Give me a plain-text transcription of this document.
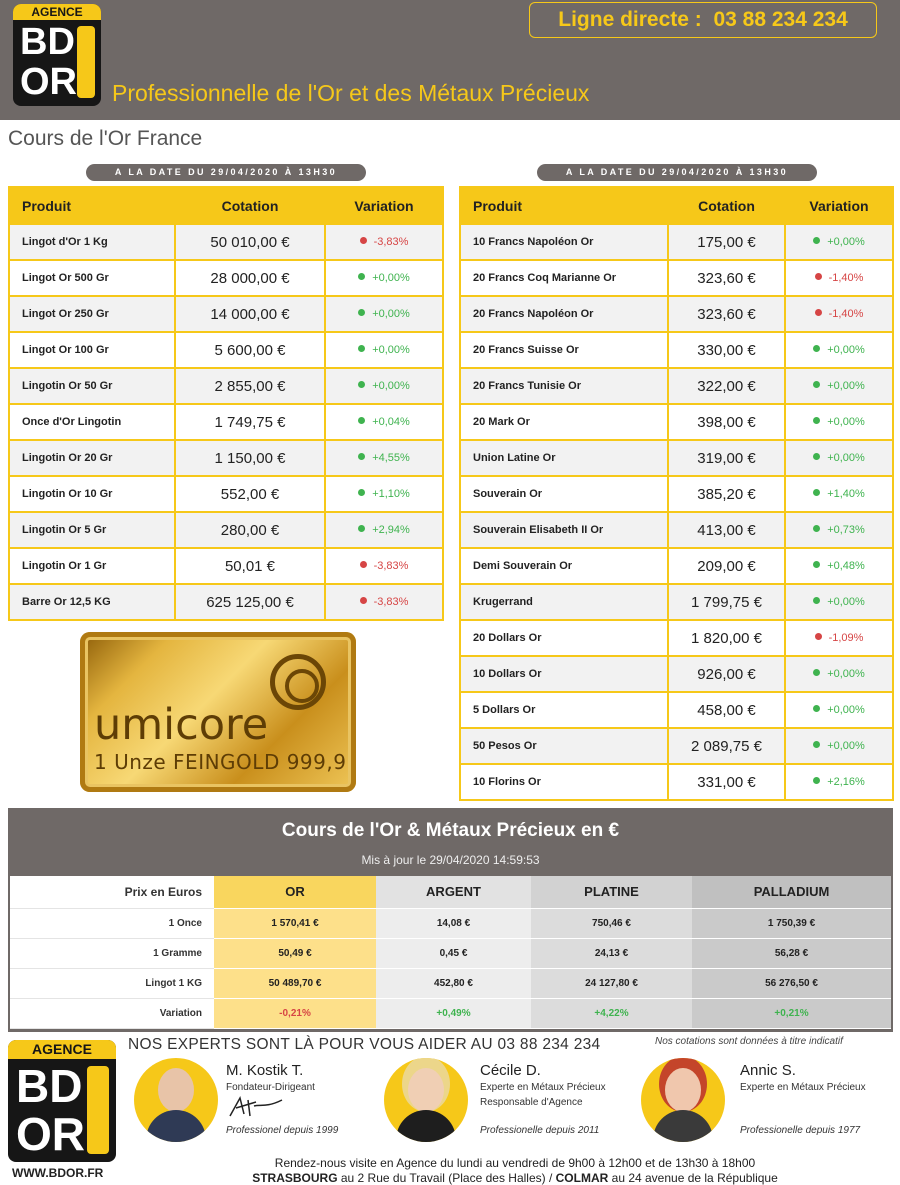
AGENCE
BD
OR
Ligne directe : 03 88 234 234
Professionnelle de l'Or et des Métaux Précieux
Cours de l'Or France
A LA DATE DU 29/04/2020 À 13H30	A LA DATE DU 29/04/2020 À 13H30
Produit	Cotation	Variation
Lingot d'Or 1 Kg	50 010,00 €	-3,83%
Lingot Or 500 Gr	28 000,00 €	+0,00%
Lingot Or 250 Gr	14 000,00 €	+0,00%
Lingot Or 100 Gr	5 600,00 €	+0,00%
Lingotin Or 50 Gr	2 855,00 €	+0,00%
Once d'Or Lingotin	1 749,75 €	+0,04%
Lingotin Or 20 Gr	1 150,00 €	+4,55%
Lingotin Or 10 Gr	552,00 €	+1,10%
Lingotin Or 5 Gr	280,00 €	+2,94%
Lingotin Or 1 Gr	50,01 €	-3,83%
Barre Or 12,5 KG	625 125,00 €	-3,83%
Produit	Cotation	Variation
10 Francs Napoléon Or	175,00 €	+0,00%
20 Francs Coq Marianne Or	323,60 €	-1,40%
20 Francs Napoléon Or	323,60 €	-1,40%
20 Francs Suisse Or	330,00 €	+0,00%
20 Francs Tunisie Or	322,00 €	+0,00%
20 Mark Or	398,00 €	+0,00%
Union Latine Or	319,00 €	+0,00%
Souverain Or	385,20 €	+1,40%
Souverain Elisabeth II Or	413,00 €	+0,73%
Demi Souverain Or	209,00 €	+0,48%
Krugerrand	1 799,75 €	+0,00%
20 Dollars Or	1 820,00 €	-1,09%
10 Dollars Or	926,00 €	+0,00%
5 Dollars Or	458,00 €	+0,00%
50 Pesos Or	2 089,75 €	+0,00%
10 Florins Or	331,00 €	+2,16%
umicore
1 Unze FEINGOLD 999,9
Cours de l'Or & Métaux Précieux en €
Mis à jour le 29/04/2020 14:59:53
Prix en Euros	OR	ARGENT	PLATINE	PALLADIUM
1 Once	1 570,41 €	14,08 €	750,46 €	1 750,39 €
1 Gramme	50,49 €	0,45 €	24,13 €	56,28 €
Lingot 1 KG	50 489,70 €	452,80 €	24 127,80 €	56 276,50 €
Variation	-0,21%	+0,49%	+4,22%	+0,21%
AGENCE
BD
OR
NOS EXPERTS SONT LÀ POUR VOUS AIDER AU 03 88 234 234	Nos cotations sont données à titre indicatif
M. Kostik T.
Fondateur-Dirigeant
Professionel depuis 1999
Cécile D.
Experte en Métaux Précieux
Responsable d'Agence
Professionelle depuis 2011
Annic S.
Experte en Métaux Précieux
Professionelle depuis 1977
WWW.BDOR.FR
Rendez-nous visite en Agence du lundi au vendredi de 9h00 à 12h00 et de 13h30 à 18h00
STRASBOURG au 2 Rue du Travail (Place des Halles) / COLMAR au 24 avenue de la République
